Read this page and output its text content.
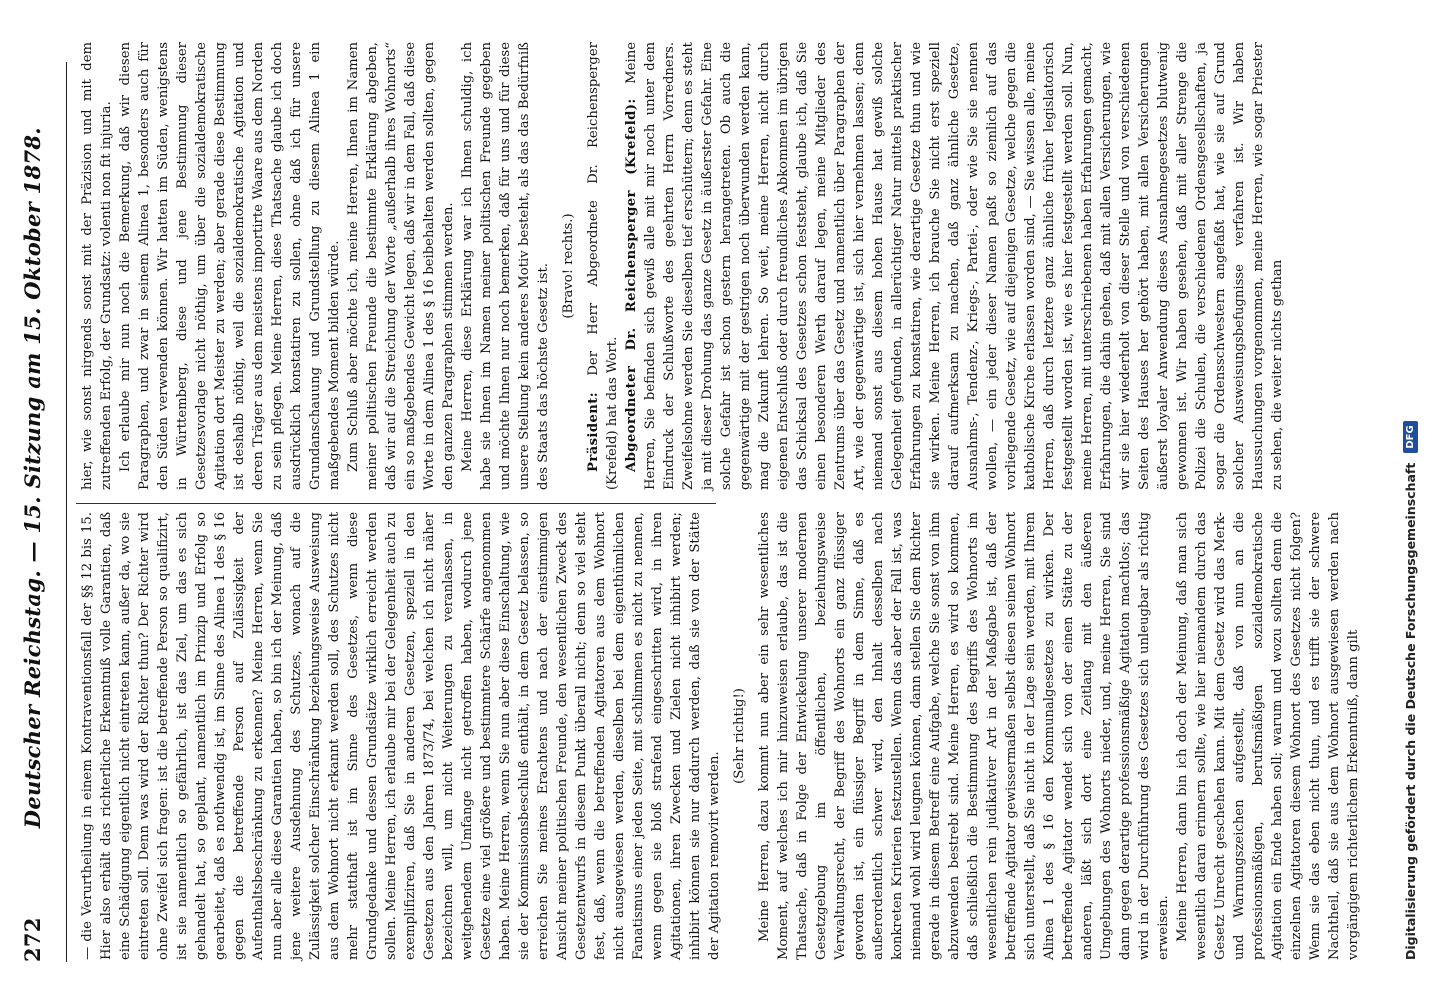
272
Deutscher Reichstag. — 15. Sitzung am 15. Oktober 1878.	— die Verurtheilung in einem Kontraventionsfall der §§ 12 bis 15. Hier also erhält das richterliche Erkenntniß volle Garantien, daß eine Schädigung eigentlich nicht eintreten kann, außer da, wo sie eintreten soll. Denn was wird der Richter thun? Der Richter wird ohne Zweifel sich fragen: ist die betreffende Person so qualifizirt, ist sie namentlich so gefährlich, ist das Ziel, um das es sich gehandelt hat, so geplant, namentlich im Prinzip und Erfolg so gearbeitet, daß es nothwendig ist, im Sinne des Alinea 1 des § 16 gegen die betreffende Person auf Zulässigkeit der Aufenthaltsbeschränkung zu erkennen? Meine Herren, wenn Sie nun aber alle diese Garantien haben, so bin ich der Meinung, daß jene weitere Ausdehnung des Schutzes, wonach auf die Zulässigkeit solcher Einschränkung beziehungsweise Ausweisung aus dem Wohnort nicht erkannt werden soll, des Schutzes nicht mehr statthaft ist im Sinne des Gesetzes, wenn diese Grundgedanke und dessen Grundsätze wirklich erreicht werden sollen. Meine Herren, ich erlaube mir bei der Gelegenheit auch zu exemplifiziren, daß Sie in anderen Gesetzen, speziell in den Gesetzen aus den Jahren 1873/74, bei welchen ich nicht näher bezeichnen will, um nicht Weiterungen zu veranlassen, in weitgehendem Umfange nicht getroffen haben, wodurch jene Gesetze eine viel größere und bestimmtere Schärfe angenommen haben. Meine Herren, wenn Sie nun aber diese Einschaltung, wie sie der Kommissionsbeschluß enthält, in dem Gesetz belassen, so erreichen Sie meines Erachtens und nach der einstimmigen Ansicht meiner politischen Freunde, den wesentlichen Zweck des Gesetzentwurfs in diesem Punkt überall nicht; denn so viel steht fest, daß, wenn die betreffenden Agitatoren aus dem Wohnort nicht ausgewiesen werden, dieselben bei dem eigenthümlichen Fanatismus einer jeden Seite, mit schlimmen es nicht zu nennen, wenn gegen sie bloß strafend eingeschritten wird, in ihren Agitationen, ihren Zwecken und Zielen nicht inhibirt werden; inhibirt können sie nur dadurch werden, daß sie von der Stätte der Agitation removirt werden.

(Sehr richtig!) Meine Herren, dazu kommt nun aber ein sehr wesentliches Moment, auf welches ich mir hinzuweisen erlaube, das ist die Thatsache, daß in Folge der Entwickelung unserer modernen Gesetzgebung im öffentlichen, beziehungsweise Verwaltungsrecht, der Begriff des Wohnorts ein ganz flüssiger geworden ist, ein flüssiger Begriff in dem Sinne, daß es außerordentlich schwer wird, den Inhalt desselben nach konkreten Kriterien festzustellen. Wenn das aber der Fall ist, was niemand wohl wird leugnen können, dann stellen Sie dem Richter gerade in diesem Betreff eine Aufgabe, welche Sie sonst von ihm abzuwenden bestrebt sind. Meine Herren, es wird so kommen, daß schließlich die Bestimmung des Begriffs des Wohnorts im wesentlichen rein judikativer Art in der Maßgabe ist, daß der betreffende Agitator gewissermaßen selbst diesen seinen Wohnort sich unterstellt, daß Sie nicht in der Lage sein werden, mit Ihrem Alinea 1 des § 16 den Konmunalgesetzes zu wirken. Der betreffende Agitator wendet sich von der einen Stätte zu der anderen, läßt sich dort eine Zeitlang mit den äußeren Umgebungen des Wohnorts nieder, und, meine Herren, Sie sind dann gegen derartige professionsmäßige Agitation machtlos; das wird in der Durchführung des Gesetzes sich unleugbar als richtig erweisen. Meine Herren, dann bin ich doch der Meinung, daß man sich wesentlich daran erinnern sollte, wie hier niemandem durch das Gesetz Unrecht geschehen kann. Mit dem Gesetz wird das Merk- und Warnungszeichen aufgestellt, daß von nun an die professionsmäßigen, berufsmäßigen sozialdemokratische Agitation ein Ende haben soll; warum und wozu sollten denn die einzelnen Agitatoren diesem Wohnort des Gesetzes nicht folgen? Wenn sie das eben nicht thun, und es trifft sie der schwere Nachtheil, daß sie aus dem Wohnort ausgewiesen werden nach vorgängigem richterlichem Erkenntniß, dann gilt

hier, wie sonst nirgends sonst mit der Präzision und mit dem zutreffenden Erfolg, der Grundsatz: volenti non fit injuria. Ich erlaube mir nun noch die Bemerkung, daß wir diesen Paragraphen, und zwar in seinem Alinea 1, besonders auch für den Süden verwenden können. Wir hatten im Süden, wenigstens in Württemberg, diese und jene Bestimmung dieser Gesetzesvorlage nicht nöthig, um über die sozialdemokratische Agitation dort Meister zu werden; aber gerade diese Bestimmung ist deshalb nöthig, weil die sozialdemokratische Agitation und deren Träger aus dem meistens importirte Waare aus dem Norden zu sein pflegen. Meine Herren, diese Thatsache glaube ich doch ausdrücklich konstatiren zu sollen, ohne daß ich für unsere Grundanschauung und Grundstellung zu diesem Alinea 1 ein maßgebendes Moment bilden würde. Zum Schluß aber möchte ich, meine Herren, Ihnen im Namen meiner politischen Freunde die bestimmte Erklärung abgeben, daß wir auf die Streichung der Worte „außerhalb ihres Wohnorts“ ein so maßgebendes Gewicht legen, daß wir in dem Fall, daß diese Worte in dem Alinea 1 des § 16 beibehalten werden sollten, gegen den ganzen Paragraphen stimmen werden. Meine Herren, diese Erklärung war ich Ihnen schuldig, ich habe sie Ihnen im Namen meiner politischen Freunde gegeben und möchte Ihnen nur noch bemerken, daß für uns und für diese unsere Stellung kein anderes Motiv besteht, als das das Bedürfniß des Staats das höchste Gesetz ist. (Bravo! rechts.)

Präsident: Der Herr Abgeordnete Dr. Reichensperger (Krefeld) hat das Wort. Abgeordneter Dr. Reichensperger (Krefeld): Meine Herren, Sie befinden sich gewiß alle mit mir noch unter dem Eindruck der Schlußworte des geehrten Herrn Vorredners. Zweifelsohne werden Sie dieselben tief erschüttern; denn es steht ja mit dieser Drohung das ganze Gesetz in äußerster Gefahr. Eine solche Gefahr ist schon gestern herangetreten. Ob auch die gegenwärtige mit der gestrigen noch überwunden werden kann, mag die Zukunft lehren. So weit, meine Herren, nicht durch eigenen Entschluß oder durch freundliches Abkommen im übrigen das Schicksal des Gesetzes schon feststeht, glaube ich, daß Sie einen besonderen Werth darauf legen, meine Mitglieder des Zentrums über das Gesetz und namentlich über Paragraphen der Art, wie der gegenwärtige ist, sich hier vernehmen lassen; denn niemand sonst aus diesem hohen Hause hat gewiß solche Gelegenheit gefunden, in allerüchtiger Natur mittels praktischer Erfahrungen zu konstatiren, wie derartige Gesetze thun und wie sie wirken. Meine Herren, ich brauche Sie nicht erst speziell darauf aufmerksam zu machen, daß ganz ähnliche Gesetze, Ausnahms-, Tendenz-, Kriegs-, Partei-, oder wie Sie sie nennen wollen, — ein jeder dieser Namen paßt so ziemlich auf das vorliegende Gesetz, wie auf diejenigen Gesetze, welche gegen die katholische Kirche erlassen worden sind, — Sie wissen alle, meine Herren, daß durch letztere ganz ähnliche früher legislatorisch festgestellt worden ist, wie es hier festgestellt werden soll. Nun, meine Herren, mit unterschriebenen haben Erfahrungen gemacht, Erfahrungen, die dahin gehen, daß mit allen Versicherungen, wie wir sie hier wiederholt von dieser Stelle und von verschiedenen Seiten des Hauses her gehört haben, mit allen Versicherungen äußerst loyaler Anwendung dieses Ausnahmegesetzes blutwenig gewonnen ist. Wir haben gesehen, daß mit aller Strenge die Polizei die Schulen, die verschiedenen Ordensgesellschaften, ja sogar die Ordensschwestern angefaßt hat, wie sie auf Grund solcher Ausweisungsbefugnisse verfahren ist. Wir haben Haussuchungen vorgenommen, meine Herren, wie sogar Priester zu sehen, die weiter nichts gethan

Digitalisierung gefördert durch die Deutsche Forschungsgemeinschaft
DFG
